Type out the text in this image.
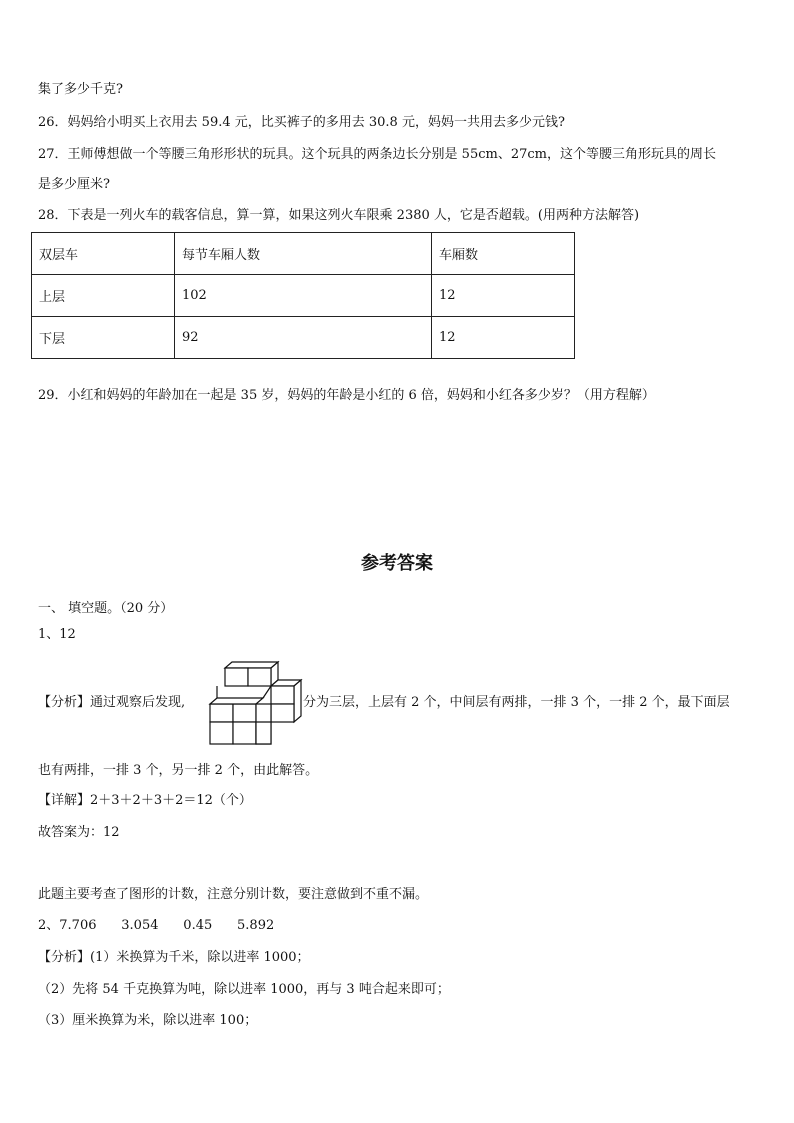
集了多少千克?
26．妈妈给小明买上衣用去 59.4 元，比买裤子的多用去 30.8 元，妈妈一共用去多少元钱?
27．王师傅想做一个等腰三角形形状的玩具。这个玩具的两条边长分别是 55cm、27cm，这个等腰三角形玩具的周长
是多少厘米?
28．下表是一列火车的载客信息，算一算，如果这列火车限乘 2380 人，它是否超载。(用两种方法解答)
双层车	每节车厢人数	车厢数
上层	102	12
下层	92	12
29．小红和妈妈的年龄加在一起是 35 岁，妈妈的年龄是小红的 6 倍，妈妈和小红各多少岁？（用方程解）
参考答案
一、 填空题。（20 分）
1、12
【分析】通过观察后发现,	分为三层，上层有 2 个，中间层有两排，一排 3 个，一排 2 个，最下面层
也有两排，一排 3 个，另一排 2 个，由此解答。
【详解】2＋3＋2＋3＋2＝12（个）
故答案为：12
此题主要考查了图形的计数，注意分别计数，要注意做到不重不漏。
2、7.706      3.054      0.45      5.892
【分析】(1）米换算为千米，除以进率 1000；
（2）先将 54 千克换算为吨，除以进率 1000，再与 3 吨合起来即可；
（3）厘米换算为米，除以进率 100；
